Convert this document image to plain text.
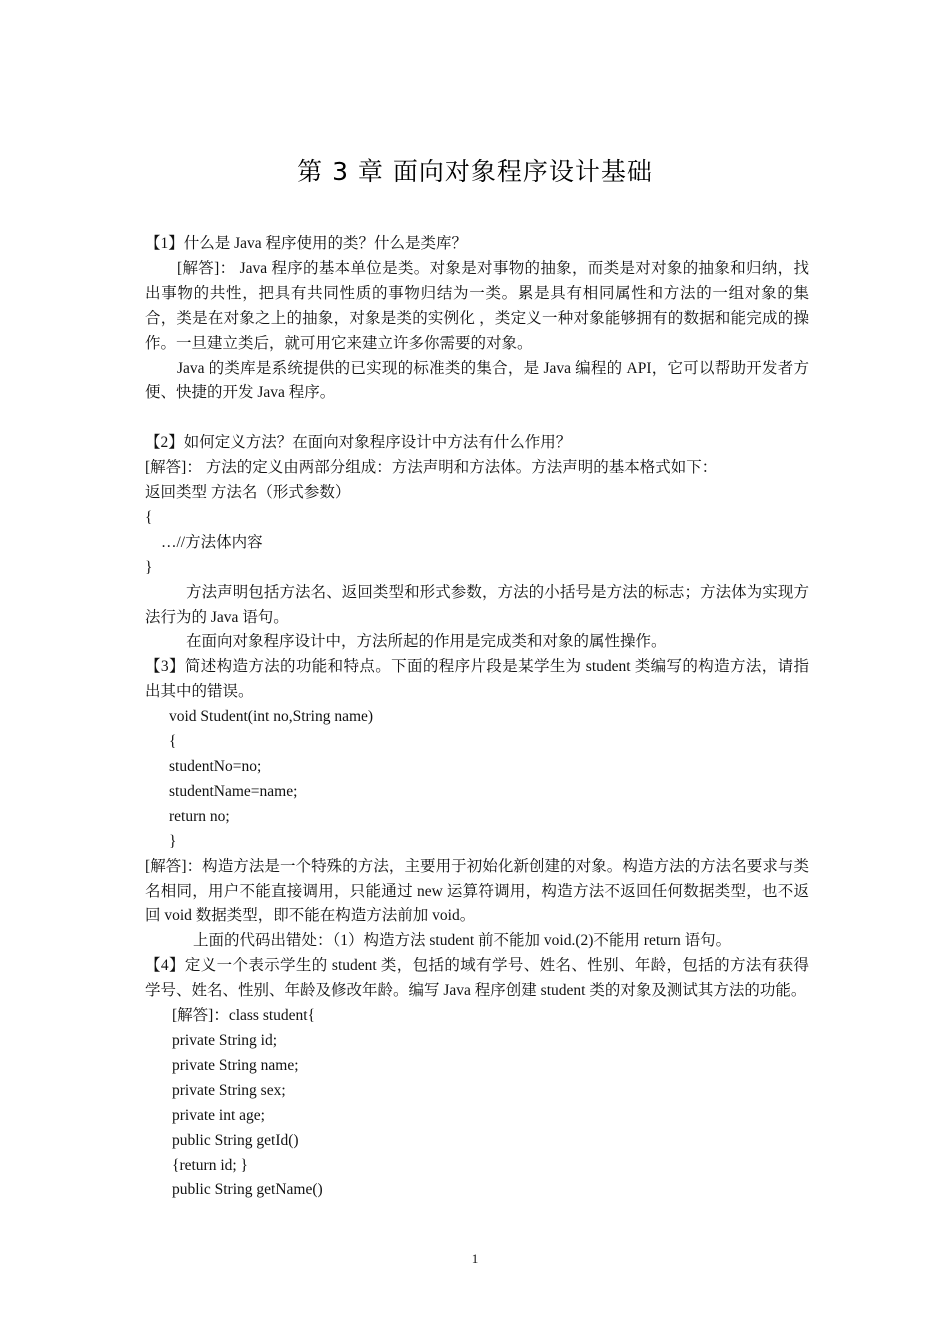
第 3 章 面向对象程序设计基础

【1】什么是 Java 程序使用的类？什么是类库？

[解答]： Java 程序的基本单位是类。对象是对事物的抽象，而类是对对象的抽象和归纳，找出事物的共性，把具有共同性质的事物归结为一类。累是具有相同属性和方法的一组对象的集合，类是在对象之上的抽象，对象是类的实例化 ，类定义一种对象能够拥有的数据和能完成的操作。一旦建立类后，就可用它来建立许多你需要的对象。

Java 的类库是系统提供的已实现的标准类的集合，是 Java 编程的 API，它可以帮助开发者方便、快捷的开发 Java 程序。

【2】如何定义方法？在面向对象程序设计中方法有什么作用？

[解答]： 方法的定义由两部分组成：方法声明和方法体。方法声明的基本格式如下：

返回类型 方法名（形式参数）

{

…//方法体内容

}

方法声明包括方法名、返回类型和形式参数，方法的小括号是方法的标志；方法体为实现方法行为的 Java 语句。

在面向对象程序设计中，方法所起的作用是完成类和对象的属性操作。

【3】简述构造方法的功能和特点。下面的程序片段是某学生为 student 类编写的构造方法，请指出其中的错误。

void Student(int no,String name)

{

studentNo=no;

studentName=name;

return no;

}

[解答]：构造方法是一个特殊的方法，主要用于初始化新创建的对象。构造方法的方法名要求与类名相同，用户不能直接调用，只能通过 new 运算符调用，构造方法不返回任何数据类型，也不返回 void 数据类型，即不能在构造方法前加 void。

上面的代码出错处：（1）构造方法 student 前不能加 void.(2)不能用 return 语句。

【4】定义一个表示学生的 student 类，包括的域有学号、姓名、性别、年龄，包括的方法有获得学号、姓名、性别、年龄及修改年龄。编写 Java 程序创建 student 类的对象及测试其方法的功能。

[解答]：class student{

private String id;

private String name;

private String sex;

private int age;

public String getId()

{return id; }

public String getName()

1
